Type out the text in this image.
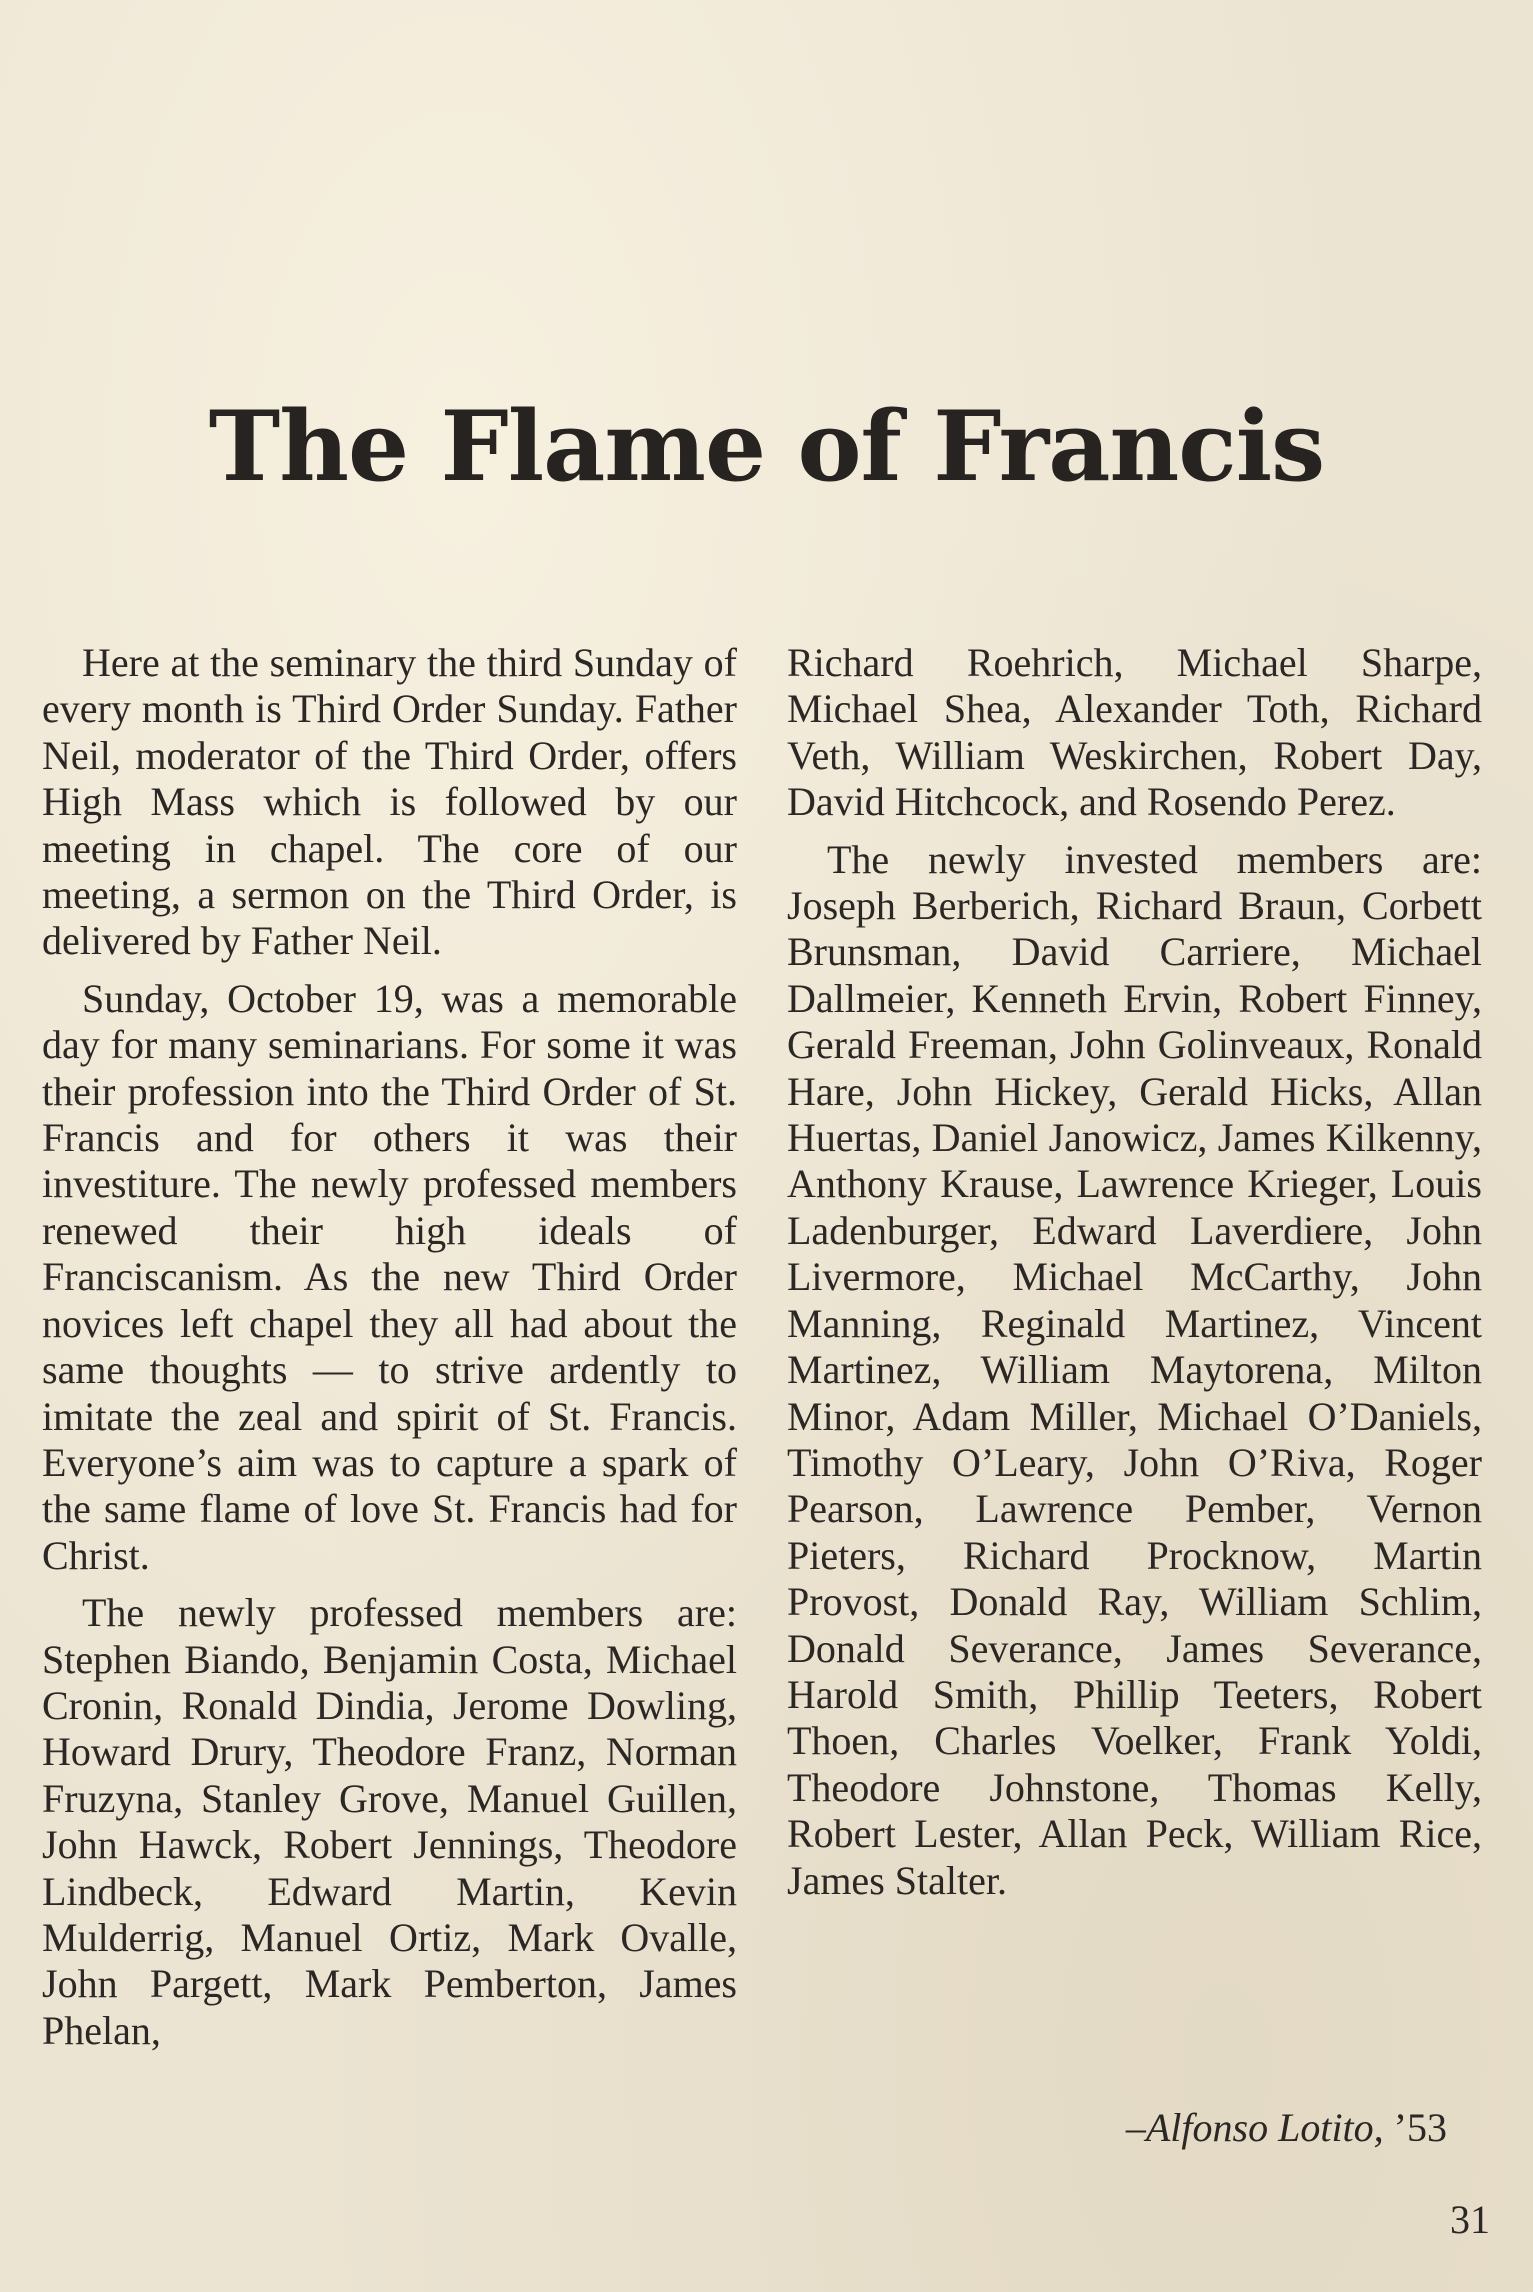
The Flame of Francis

Here at the seminary the third Sunday of every month is Third Order Sunday. Father Neil, moderator of the Third Order, offers High Mass which is followed by our meeting in chapel. The core of our meeting, a sermon on the Third Order, is delivered by Father Neil.

Sunday, October 19, was a memorable day for many seminarians. For some it was their profession into the Third Order of St. Francis and for others it was their investiture. The newly professed members renewed their high ideals of Franciscanism. As the new Third Order novices left chapel they all had about the same thoughts — to strive ardently to imitate the zeal and spirit of St. Francis. Everyone’s aim was to capture a spark of the same flame of love St. Francis had for Christ.

The newly professed members are: Stephen Biando, Benjamin Costa, Michael Cronin, Ronald Dindia, Jerome Dowling, Howard Drury, Theodore Franz, Norman Fruzyna, Stanley Grove, Manuel Guillen, John Hawck, Robert Jennings, Theodore Lindbeck, Edward Martin, Kevin Mulderrig, Manuel Ortiz, Mark Ovalle, John Pargett, Mark Pemberton, James Phelan,

Richard Roehrich, Michael Sharpe, Michael Shea, Alexander Toth, Richard Veth, William Weskirchen, Robert Day, David Hitchcock, and Rosendo Perez.

The newly invested members are: Joseph Berberich, Richard Braun, Corbett Brunsman, David Carriere, Michael Dallmeier, Kenneth Ervin, Robert Finney, Gerald Freeman, John Golinveaux, Ronald Hare, John Hickey, Gerald Hicks, Allan Huertas, Daniel Janowicz, James Kilkenny, Anthony Krause, Lawrence Krieger, Louis Ladenburger, Edward Laverdiere, John Livermore, Michael McCarthy, John Manning, Reginald Martinez, Vincent Martinez, William Maytorena, Milton Minor, Adam Miller, Michael O’Daniels, Timothy O’Leary, John O’Riva, Roger Pearson, Lawrence Pember, Vernon Pieters, Richard Procknow, Martin Provost, Donald Ray, William Schlim, Donald Severance, James Severance, Harold Smith, Phillip Teeters, Robert Thoen, Charles Voelker, Frank Yoldi, Theodore Johnstone, Thomas Kelly, Robert Lester, Allan Peck, William Rice, James Stalter.

–Alfonso Lotito, ’53
31
